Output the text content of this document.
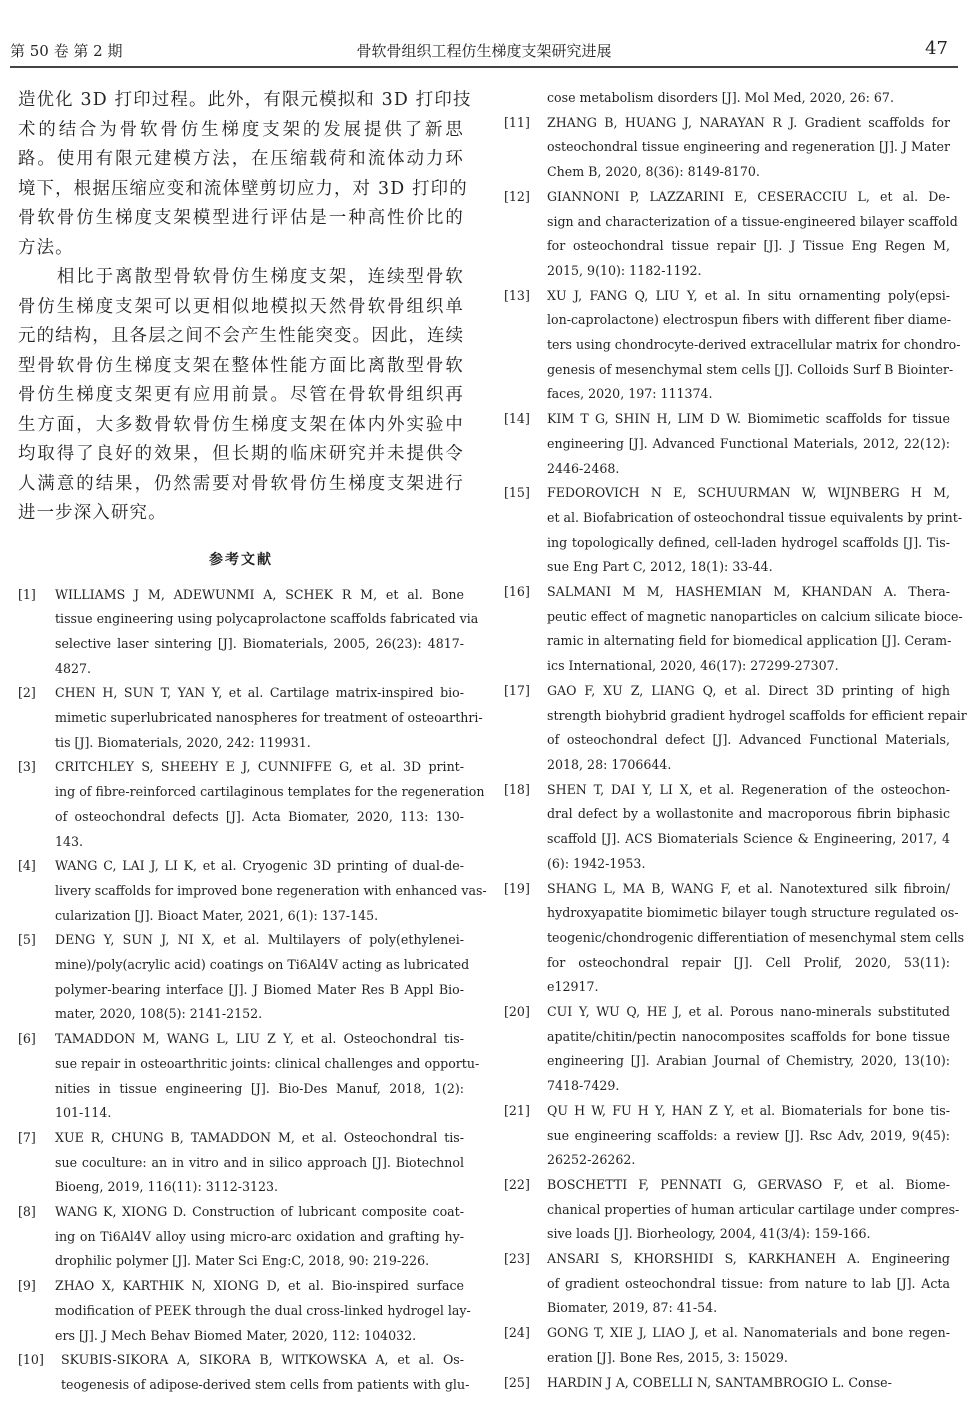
第 50 卷 第 2 期	骨软骨组织工程仿生梯度支架研究进展	47

造优化 3D 打印过程。此外，有限元模拟和 3D 打印技
术的结合为骨软骨仿生梯度支架的发展提供了新思
路。使用有限元建模方法，在压缩载荷和流体动力环
境下，根据压缩应变和流体壁剪切应力，对 3D 打印的
骨软骨仿生梯度支架模型进行评估是一种高性价比的
方法。

　　相比于离散型骨软骨仿生梯度支架，连续型骨软
骨仿生梯度支架可以更相似地模拟天然骨软骨组织单
元的结构，且各层之间不会产生性能突变。因此，连续
型骨软骨仿生梯度支架在整体性能方面比离散型骨软
骨仿生梯度支架更有应用前景。尽管在骨软骨组织再
生方面，大多数骨软骨仿生梯度支架在体内外实验中
均取得了良好的效果，但长期的临床研究并未提供令
人满意的结果，仍然需要对骨软骨仿生梯度支架进行
进一步深入研究。

参考文献
[1] WILLIAMS J M, ADEWUNMI A, SCHEK R M, et al. Bone
tissue engineering using polycaprolactone scaffolds fabricated via
selective laser sintering [J]. Biomaterials, 2005, 26(23): 4817-
4827.
[2] CHEN H, SUN T, YAN Y, et al. Cartilage matrix-inspired bio-
mimetic superlubricated nanospheres for treatment of osteoarthri-
tis [J]. Biomaterials, 2020, 242: 119931.
[3] CRITCHLEY S, SHEEHY E J, CUNNIFFE G, et al. 3D print-
ing of fibre-reinforced cartilaginous templates for the regeneration
of osteochondral defects [J]. Acta Biomater, 2020, 113: 130-
143.
[4] WANG C, LAI J, LI K, et al. Cryogenic 3D printing of dual-de-
livery scaffolds for improved bone regeneration with enhanced vas-
cularization [J]. Bioact Mater, 2021, 6(1): 137-145.
[5] DENG Y, SUN J, NI X, et al. Multilayers of poly(ethylenei-
mine)/poly(acrylic acid) coatings on Ti6Al4V acting as lubricated
polymer-bearing interface [J]. J Biomed Mater Res B Appl Bio-
mater, 2020, 108(5): 2141-2152.
[6] TAMADDON M, WANG L, LIU Z Y, et al. Osteochondral tis-
sue repair in osteoarthritic joints: clinical challenges and opportu-
nities in tissue engineering [J]. Bio-Des Manuf, 2018, 1(2):
101-114.
[7] XUE R, CHUNG B, TAMADDON M, et al. Osteochondral tis-
sue coculture: an in vitro and in silico approach [J]. Biotechnol
Bioeng, 2019, 116(11): 3112-3123.
[8] WANG K, XIONG D. Construction of lubricant composite coat-
ing on Ti6Al4V alloy using micro-arc oxidation and grafting hy-
drophilic polymer [J]. Mater Sci Eng:C, 2018, 90: 219-226.
[9] ZHAO X, KARTHIK N, XIONG D, et al. Bio-inspired surface
modification of PEEK through the dual cross-linked hydrogel lay-
ers [J]. J Mech Behav Biomed Mater, 2020, 112: 104032.
[10] SKUBIS-SIKORA A, SIKORA B, WITKOWSKA A, et al. Os-
teogenesis of adipose-derived stem cells from patients with glu-
cose metabolism disorders [J]. Mol Med, 2020, 26: 67.
[11] ZHANG B, HUANG J, NARAYAN R J. Gradient scaffolds for
osteochondral tissue engineering and regeneration [J]. J Mater
Chem B, 2020, 8(36): 8149-8170.
[12] GIANNONI P, LAZZARINI E, CESERACCIU L, et al. De-
sign and characterization of a tissue-engineered bilayer scaffold
for osteochondral tissue repair [J]. J Tissue Eng Regen M,
2015, 9(10): 1182-1192.
[13] XU J, FANG Q, LIU Y, et al. In situ ornamenting poly(epsi-
lon-caprolactone) electrospun fibers with different fiber diame-
ters using chondrocyte-derived extracellular matrix for chondro-
genesis of mesenchymal stem cells [J]. Colloids Surf B Biointer-
faces, 2020, 197: 111374.
[14] KIM T G, SHIN H, LIM D W. Biomimetic scaffolds for tissue
engineering [J]. Advanced Functional Materials, 2012, 22(12):
2446-2468.
[15] FEDOROVICH N E, SCHUURMAN W, WIJNBERG H M,
et al. Biofabrication of osteochondral tissue equivalents by print-
ing topologically defined, cell-laden hydrogel scaffolds [J]. Tis-
sue Eng Part C, 2012, 18(1): 33-44.
[16] SALMANI M M, HASHEMIAN M, KHANDAN A. Thera-
peutic effect of magnetic nanoparticles on calcium silicate bioce-
ramic in alternating field for biomedical application [J]. Ceram-
ics International, 2020, 46(17): 27299-27307.
[17] GAO F, XU Z, LIANG Q, et al. Direct 3D printing of high
strength biohybrid gradient hydrogel scaffolds for efficient repair
of osteochondral defect [J]. Advanced Functional Materials,
2018, 28: 1706644.
[18] SHEN T, DAI Y, LI X, et al. Regeneration of the osteochon-
dral defect by a wollastonite and macroporous fibrin biphasic
scaffold [J]. ACS Biomaterials Science & Engineering, 2017, 4
(6): 1942-1953.
[19] SHANG L, MA B, WANG F, et al. Nanotextured silk fibroin/
hydroxyapatite biomimetic bilayer tough structure regulated os-
teogenic/chondrogenic differentiation of mesenchymal stem cells
for osteochondral repair [J]. Cell Prolif, 2020, 53(11):
e12917.
[20] CUI Y, WU Q, HE J, et al. Porous nano-minerals substituted
apatite/chitin/pectin nanocomposites scaffolds for bone tissue
engineering [J]. Arabian Journal of Chemistry, 2020, 13(10):
7418-7429.
[21] QU H W, FU H Y, HAN Z Y, et al. Biomaterials for bone tis-
sue engineering scaffolds: a review [J]. Rsc Adv, 2019, 9(45):
26252-26262.
[22] BOSCHETTI F, PENNATI G, GERVASO F, et al. Biome-
chanical properties of human articular cartilage under compres-
sive loads [J]. Biorheology, 2004, 41(3/4): 159-166.
[23] ANSARI S, KHORSHIDI S, KARKHANEH A. Engineering
of gradient osteochondral tissue: from nature to lab [J]. Acta
Biomater, 2019, 87: 41-54.
[24] GONG T, XIE J, LIAO J, et al. Nanomaterials and bone regen-
eration [J]. Bone Res, 2015, 3: 15029.
[25] HARDIN J A, COBELLI N, SANTAMBROGIO L. Conse-
